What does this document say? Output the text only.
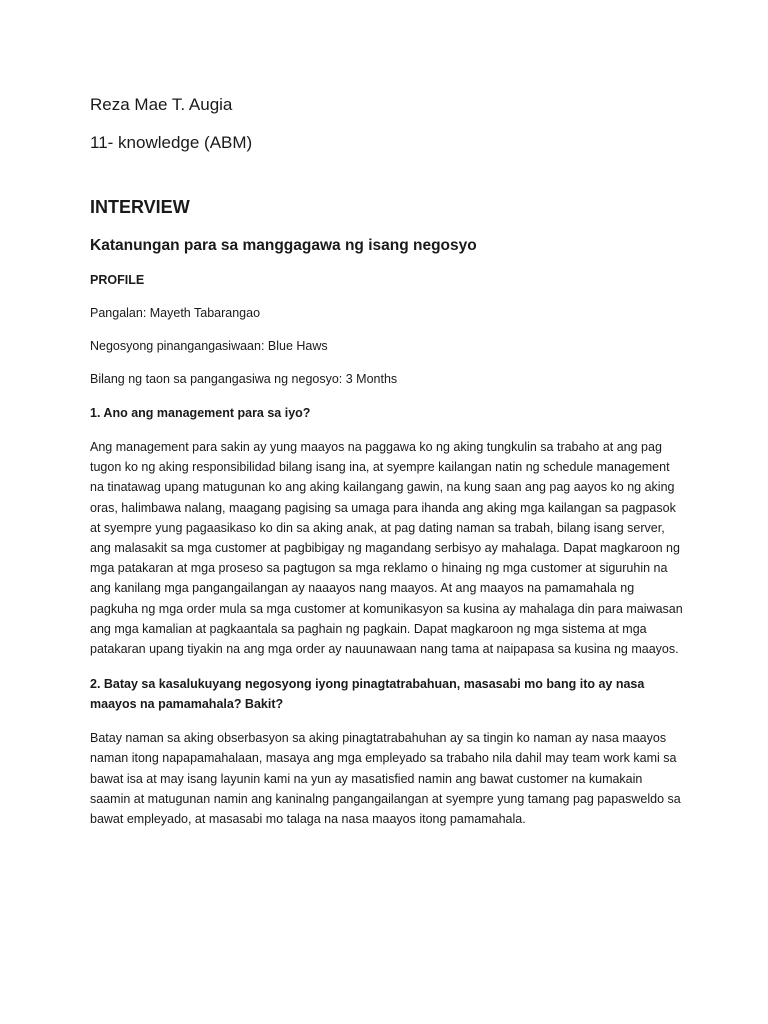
Reza Mae T. Augia

11- knowledge (ABM)

INTERVIEW
Katanungan para sa manggagawa ng isang negosyo

PROFILE

Pangalan: Mayeth Tabarangao

Negosyong pinangangasiwaan: Blue Haws

Bilang ng taon sa pangangasiwa ng negosyo: 3 Months

1. Ano ang management para sa iyo?

Ang management para sakin ay yung maayos na paggawa ko ng aking tungkulin sa trabaho at ang pag tugon ko ng aking responsibilidad bilang isang ina, at syempre kailangan natin ng schedule management na tinatawag upang matugunan ko ang aking kailangang gawin, na kung saan ang pag aayos ko ng aking oras, halimbawa nalang, maagang pagising sa umaga para ihanda ang aking mga kailangan sa pagpasok at syempre yung pagaasikaso ko din sa aking anak, at pag dating naman sa trabah, bilang isang server, ang malasakit sa mga customer at pagbibigay ng magandang serbisyo ay mahalaga. Dapat magkaroon ng mga patakaran at mga proseso sa pagtugon sa mga reklamo o hinaing ng mga customer at siguruhin na ang kanilang mga pangangailangan ay naaayos nang maayos. At ang maayos na pamamahala ng pagkuha ng mga order mula sa mga customer at komunikasyon sa kusina ay mahalaga din para maiwasan ang mga kamalian at pagkaantala sa paghain ng pagkain. Dapat magkaroon ng mga sistema at mga patakaran upang tiyakin na ang mga order ay nauunawaan nang tama at naipapasa sa kusina ng maayos.

2. Batay sa kasalukuyang negosyong iyong pinagtatrabahuan, masasabi mo bang ito ay nasa maayos na pamamahala? Bakit?

Batay naman sa aking obserbasyon sa aking pinagtatrabahuhan ay sa tingin ko naman ay nasa maayos naman itong napapamahalaan, masaya ang mga empleyado sa trabaho nila dahil may team work kami sa bawat isa at may isang layunin kami na yun ay masatisfied namin ang bawat customer na kumakain saamin at matugunan namin ang kaninalng pangangailangan at syempre yung tamang pag papasweldo sa bawat empleyado, at masasabi mo talaga na nasa maayos itong pamamahala.
